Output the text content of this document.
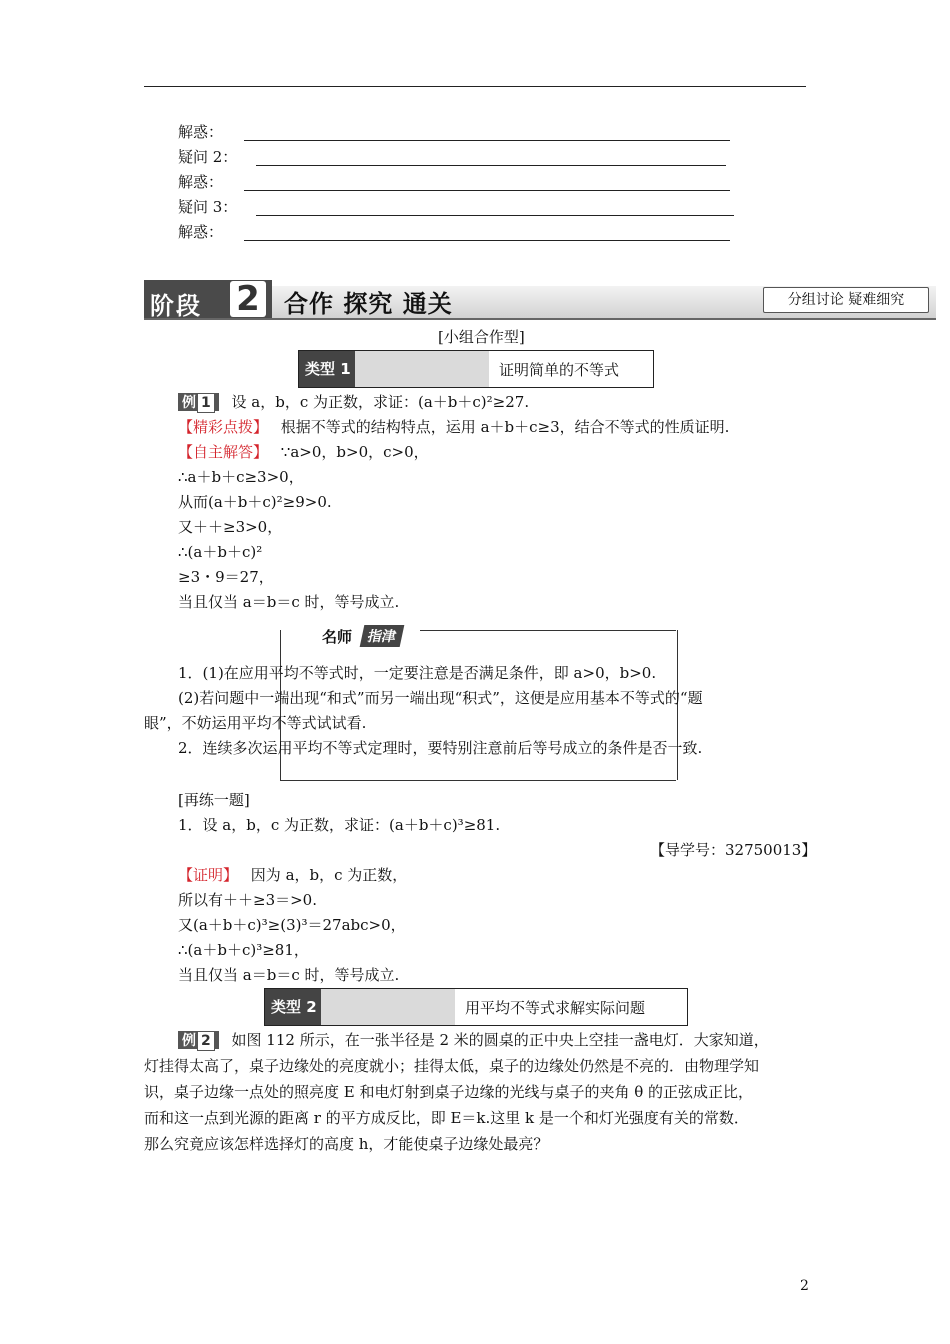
解惑：
疑问 2：
解惑：
疑问 3：
解惑：
阶段 2 合作 探究 通关	分组讨论 疑难细究
[小组合作型]
类型 1	证明简单的不等式
例 1 设 a，b，c 为正数，求证：(a＋b＋c)²≥27.
【精彩点拨】 根据不等式的结构特点，运用 a＋b＋c≥3，结合不等式的性质证明.
【自主解答】 ∵a>0，b>0，c>0，
∴a＋b＋c≥3>0，
从而(a＋b＋c)²≥9>0.
又＋＋≥3>0，
∴(a＋b＋c)²
≥3・9＝27，
当且仅当 a＝b＝c 时，等号成立.
名师	指津
1．(1)在应用平均不等式时，一定要注意是否满足条件，即 a>0，b>0.
(2)若问题中一端出现“和式”而另一端出现“积式”，这便是应用基本不等式的“题
眼”，不妨运用平均不等式试试看.
2．连续多次运用平均不等式定理时，要特别注意前后等号成立的条件是否一致.
[再练一题]
1．设 a，b，c 为正数，求证：(a＋b＋c)³≥81.
【导学号：32750013】
【证明】 因为 a，b，c 为正数，
所以有＋＋≥3＝>0.
又(a＋b＋c)³≥(3)³＝27abc>0，
∴(a＋b＋c)³≥81，
当且仅当 a＝b＝c 时，等号成立.
类型 2	用平均不等式求解实际问题
例 2 如图 112 所示，在一张半径是 2 米的圆桌的正中央上空挂一盏电灯．大家知道，
灯挂得太高了，桌子边缘处的亮度就小；挂得太低，桌子的边缘处仍然是不亮的．由物理学知
识，桌子边缘一点处的照亮度 E 和电灯射到桌子边缘的光线与桌子的夹角 θ 的正弦成正比，
而和这一点到光源的距离 r 的平方成反比，即 E＝k.这里 k 是一个和灯光强度有关的常数．
那么究竟应该怎样选择灯的高度 h，才能使桌子边缘处最亮？
2
